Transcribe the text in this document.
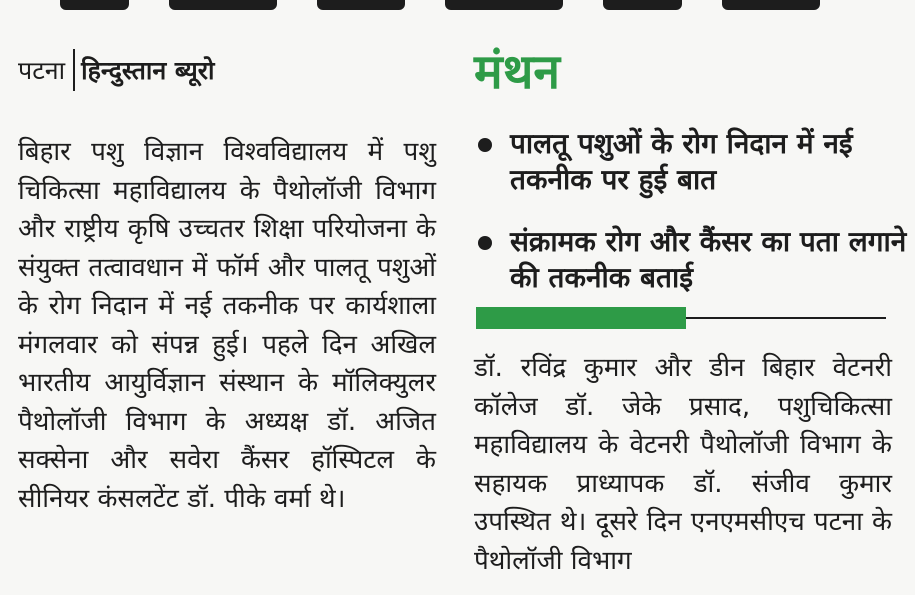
पटना हिन्दुस्तान ब्यूरो

बिहार पशु विज्ञान विश्वविद्यालय में पशु चिकित्सा महाविद्यालय के पैथोलॉजी विभाग और राष्ट्रीय कृषि उच्चतर शिक्षा परियोजना के संयुक्त तत्वावधान में फॉर्म और पालतू पशुओं के रोग निदान में नई तकनीक पर कार्यशाला मंगलवार को संपन्न हुई। पहले दिन अखिल भारतीय आयुर्विज्ञान संस्थान के मॉलिक्युलर पैथोलॉजी विभाग के अध्यक्ष डॉ. अजित सक्सेना और सवेरा कैंसर हॉस्पिटल के सीनियर कंसलटेंट डॉ. पीके वर्मा थे।

मंथन
पालतू पशुओं के रोग निदान में नई तकनीक पर हुई बात
संक्रामक रोग और कैंसर का पता लगाने की तकनीक बताई

डॉ. रविंद्र कुमार और डीन बिहार वेटनरी कॉलेज डॉ. जेके प्रसाद, पशुचिकित्सा महाविद्यालय के वेटनरी पैथोलॉजी विभाग के सहायक प्राध्यापक डॉ. संजीव कुमार उपस्थित थे। दूसरे दिन एनएमसीएच पटना के पैथोलॉजी विभाग
